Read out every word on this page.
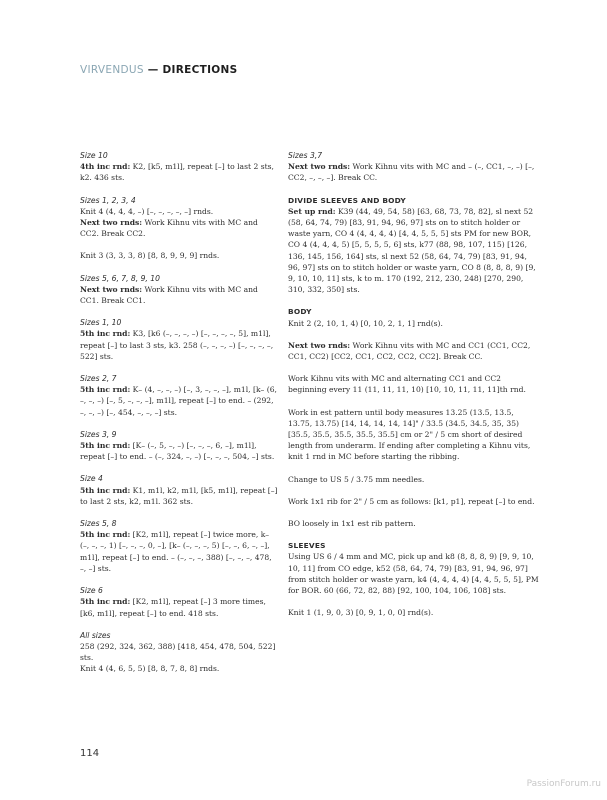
VIRVENDUS — DIRECTIONS
Size 10
4th inc rnd: K2, [k5, m1l], repeat [–] to last 2 sts, k2. 436 sts.
Sizes 1, 2, 3, 4
Knit 4 (4, 4, 4, –) [–, –, –, –, –] rnds.
Next two rnds: Work Kihnu vits with MC and CC2. Break CC2.
Knit 3 (3, 3, 3, 8) [8, 8, 9, 9, 9] rnds.
Sizes 5, 6, 7, 8, 9, 10
Next two rnds: Work Kihnu vits with MC and CC1. Break CC1.
Sizes 1, 10
5th inc rnd: K3, [k6 (–, –, –, –) [–, –, –, –, 5], m1l], repeat [–] to last 3 sts, k3. 258 (–, –, –, –) [–, –, –, –, 522] sts.
Sizes 2, 7
5th inc rnd: K– (4, –, –, –) [–, 3, –, –, –], m1l, [k– (6, –, –, –) [–, 5, –, –, –], m1l], repeat [–] to end. – (292, –, –, –) [–, 454, –, –, –] sts.
Sizes 3, 9
5th inc rnd: [K– (–, 5, –, –) [–, –, –, 6, –], m1l], repeat [–] to end. – (–, 324, –, –) [–, –, –, 504, –] sts.
Size 4
5th inc rnd: K1, m1l, k2, m1l, [k5, m1l], repeat [–] to last 2 sts, k2, m1l. 362 sts.
Sizes 5, 8
5th inc rnd: [K2, m1l], repeat [–] twice more, k– (–, –, –, 1) [–, –, –, 0, –], [k– (–, –, –, 5) [–, –, 6, –, –], m1l], repeat [–] to end. – (–, –, –, 388) [–, –, –, 478, –, –] sts.
Size 6
5th inc rnd: [K2, m1l], repeat [–] 3 more times, [k6, m1l], repeat [–] to end. 418 sts.
All sizes
258 (292, 324, 362, 388) [418, 454, 478, 504, 522] sts.
Knit 4 (4, 6, 5, 5) [8, 8, 7, 8, 8] rnds.
Sizes 3,7
Next two rnds: Work Kihnu vits with MC and – (–, CC1, –, –) [–, CC2, –, –, –]. Break CC.
DIVIDE SLEEVES AND BODY
Set up rnd: K39 (44, 49, 54, 58) [63, 68, 73, 78, 82], sl next 52 (58, 64, 74, 79) [83, 91, 94, 96, 97] sts on to stitch holder or waste yarn, CO 4 (4, 4, 4, 4) [4, 4, 5, 5, 5] sts PM for new BOR, CO 4 (4, 4, 4, 5) [5, 5, 5, 5, 6] sts, k77 (88, 98, 107, 115) [126, 136, 145, 156, 164] sts, sl next 52 (58, 64, 74, 79) [83, 91, 94, 96, 97] sts on to stitch holder or waste yarn, CO 8 (8, 8, 8, 9) [9, 9, 10, 10, 11] sts, k to m. 170 (192, 212, 230, 248) [270, 290, 310, 332, 350] sts.
BODY
Knit 2 (2, 10, 1, 4) [0, 10, 2, 1, 1] rnd(s).
Next two rnds: Work Kihnu vits with MC and CC1 (CC1, CC2, CC1, CC2) [CC2, CC1, CC2, CC2, CC2]. Break CC.
Work Kihnu vits with MC and alternating CC1 and CC2 beginning every 11 (11, 11, 11, 10) [10, 10, 11, 11, 11]th rnd.
Work in est pattern until body measures 13.25 (13.5, 13.5, 13.75, 13.75) [14, 14, 14, 14, 14]" / 33.5 (34.5, 34.5, 35, 35) [35.5, 35.5, 35.5, 35.5, 35.5] cm or 2" / 5 cm short of desired length from underarm. If ending after completing a Kihnu vits, knit 1 rnd in MC before starting the ribbing.
Change to US 5 / 3.75 mm needles.
Work 1x1 rib for 2" / 5 cm as follows: [k1, p1], repeat [–] to end.
BO loosely in 1x1 est rib pattern.
SLEEVES
Using US 6 / 4 mm and MC, pick up and k8 (8, 8, 8, 9) [9, 9, 10, 10, 11] from CO edge, k52 (58, 64, 74, 79) [83, 91, 94, 96, 97] from stitch holder or waste yarn, k4 (4, 4, 4, 4) [4, 4, 5, 5, 5], PM for BOR. 60 (66, 72, 82, 88) [92, 100, 104, 106, 108] sts.
Knit 1 (1, 9, 0, 3) [0, 9, 1, 0, 0] rnd(s).
114
PassionForum.ru
